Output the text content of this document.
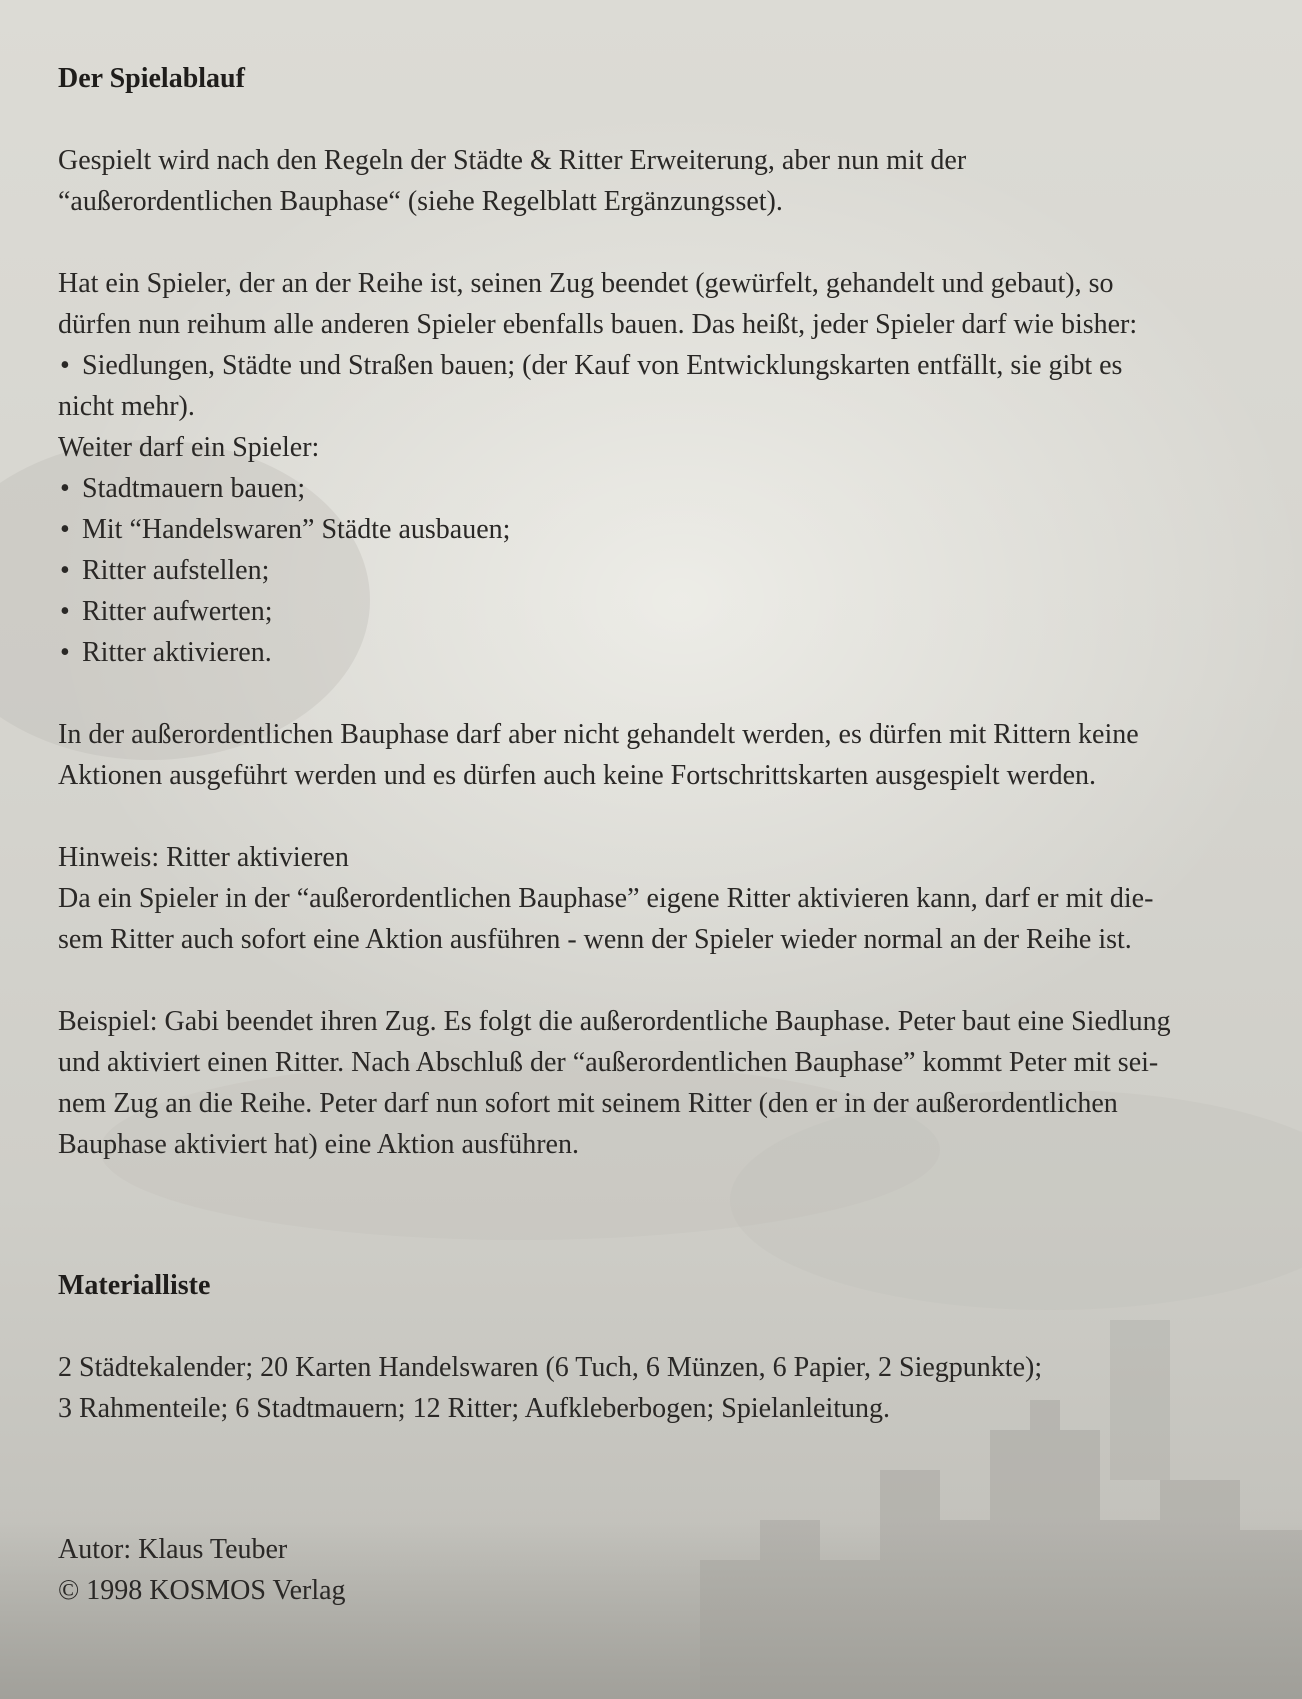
Der Spielablauf

Gespielt wird nach den Regeln der Städte & Ritter Erweiterung, aber nun mit der

“außerordentlichen Bauphase“ (siehe Regelblatt Ergänzungsset).

Hat ein Spieler, der an der Reihe ist, seinen Zug beendet (gewürfelt, gehandelt und gebaut), so

dürfen nun reihum alle anderen Spieler ebenfalls bauen. Das heißt, jeder Spieler darf wie bisher:

• Siedlungen, Städte und Straßen bauen; (der Kauf von Entwicklungskarten entfällt, sie gibt es

nicht mehr).

Weiter darf ein Spieler:

• Stadtmauern bauen;
• Mit “Handelswaren” Städte ausbauen;
• Ritter aufstellen;
• Ritter aufwerten;
• Ritter aktivieren.

In der außerordentlichen Bauphase darf aber nicht gehandelt werden, es dürfen mit Rittern keine

Aktionen ausgeführt werden und es dürfen auch keine Fortschrittskarten ausgespielt werden.

Hinweis: Ritter aktivieren

Da ein Spieler in der “außerordentlichen Bauphase” eigene Ritter aktivieren kann, darf er mit die-

sem Ritter auch sofort eine Aktion ausführen - wenn der Spieler wieder normal an der Reihe ist.

Beispiel: Gabi beendet ihren Zug. Es folgt die außerordentliche Bauphase. Peter baut eine Siedlung

und aktiviert einen Ritter. Nach Abschluß der “außerordentlichen Bauphase” kommt Peter mit sei-

nem Zug an die Reihe. Peter darf nun sofort mit seinem Ritter (den er in der außerordentlichen

Bauphase aktiviert hat) eine Aktion ausführen.

Materialliste

2 Städtekalender; 20 Karten Handelswaren (6 Tuch, 6 Münzen, 6 Papier, 2 Siegpunkte);

3 Rahmenteile; 6 Stadtmauern; 12 Ritter; Aufkleberbogen; Spielanleitung.

Autor: Klaus Teuber

© 1998 KOSMOS Verlag
